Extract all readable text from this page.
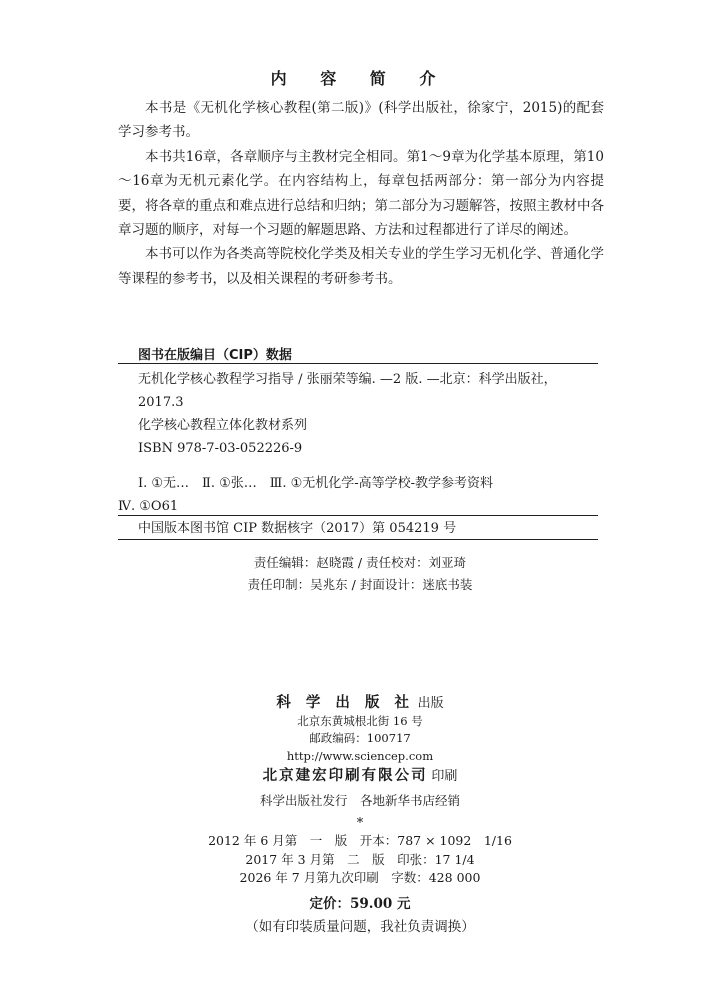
内 容 简 介

本书是《无机化学核心教程(第二版)》(科学出版社，徐家宁，2015)的配套学习参考书。

本书共16章，各章顺序与主教材完全相同。第1～9章为化学基本原理，第10～16章为无机元素化学。在内容结构上，每章包括两部分：第一部分为内容提要，将各章的重点和难点进行总结和归纳；第二部分为习题解答，按照主教材中各章习题的顺序，对每一个习题的解题思路、方法和过程都进行了详尽的阐述。

本书可以作为各类高等院校化学类及相关专业的学生学习无机化学、普通化学等课程的参考书，以及相关课程的考研参考书。

图书在版编目（CIP）数据

无机化学核心教程学习指导 / 张丽荣等编. —2 版. —北京：科学出版社，2017.3

化学核心教程立体化教材系列

ISBN 978-7-03-052226-9

Ⅰ. ①无…　Ⅱ. ①张…　Ⅲ. ①无机化学-高等学校-教学参考资料

Ⅳ. ①O61

中国版本图书馆 CIP 数据核字（2017）第 054219 号

责任编辑：赵晓霞 / 责任校对：刘亚琦
责任印制：吴兆东 / 封面设计：迷底书装
科 学 出 版 社 出版
北京东黄城根北街 16 号
邮政编码：100717
http://www.sciencep.com
北京建宏印刷有限公司 印刷
科学出版社发行　各地新华书店经销
*
2012 年 6 月第　一　版　开本：787 × 1092　1/16
2017 年 3 月第　二　版　印张：17 1/4
2026 年 7 月第九次印刷　字数：428 000
定价：59.00 元
（如有印装质量问题，我社负责调换）
